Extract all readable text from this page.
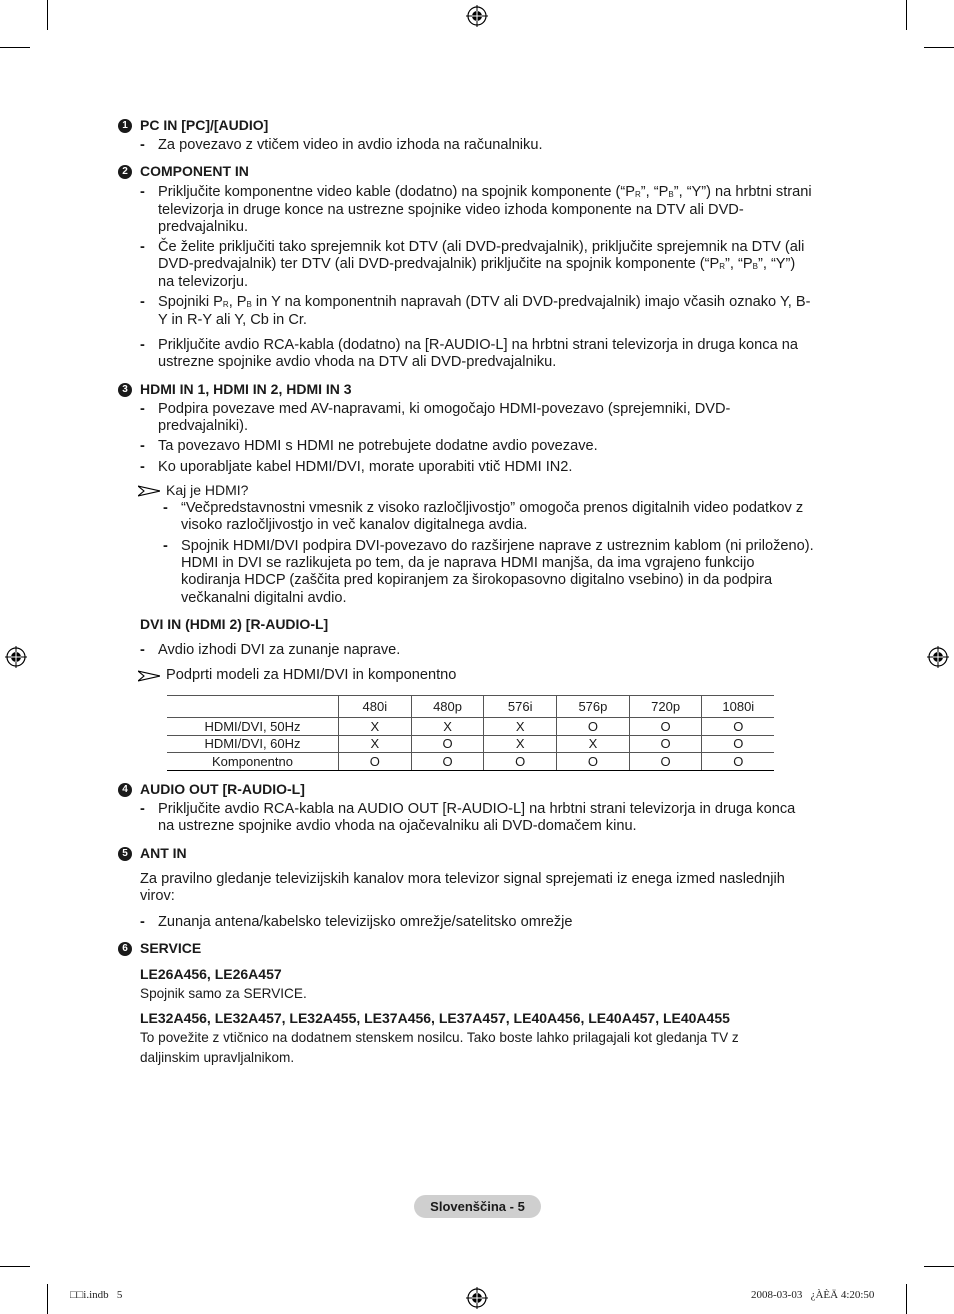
1 PC IN [PC]/[AUDIO]
- Za povezavo z vtičem video in avdio izhoda na računalniku.
2 COMPONENT IN
- Priključite komponentne video kable (dodatno) na spojnik komponente (“$P_R$”, “$P_B$”, “Y”) na hrbtni strani televizorja in druge konce na ustrezne spojnike video izhoda komponente na DTV ali DVD-predvajalniku.
- Če želite priključiti tako sprejemnik kot DTV (ali DVD-predvajalnik), priključite sprejemnik na DTV (ali DVD-predvajalnik) ter DTV (ali DVD-predvajalnik) priključite na spojnik komponente (“$P_R$”, “$P_B$”, “Y”) na televizorju.
- Spojniki $P_R$, $P_B$ in Y na komponentnih napravah (DTV ali DVD-predvajalnik) imajo včasih oznako Y, B-Y in R-Y ali Y, Cb in Cr.
- Priključite avdio RCA-kabla (dodatno) na [R-AUDIO-L] na hrbtni strani televizorja in druga konca na ustrezne spojnike avdio vhoda na DTV ali DVD-predvajalniku.
3 HDMI IN 1, HDMI IN 2, HDMI IN 3
- Podpira povezave med AV-napravami, ki omogočajo HDMI-povezavo (sprejemniki, DVD-predvajalniki).
- Ta povezavo HDMI s HDMI ne potrebujete dodatne avdio povezave.
- Ko uporabljate kabel HDMI/DVI, morate uporabiti vtič HDMI IN2.
Kaj je HDMI?
- “Večpredstavnostni vmesnik z visoko razločljivostjo” omogoča prenos digitalnih video podatkov z visoko razločljivostjo in več kanalov digitalnega avdia.
- Spojnik HDMI/DVI podpira DVI-povezavo do razširjene naprave z ustreznim kablom (ni priloženo). HDMI in DVI se razlikujeta po tem, da je naprava HDMI manjša, da ima vgrajeno funkcijo kodiranja HDCP (zaščita pred kopiranjem za širokopasovno digitalno vsebino) in da podpira večkanalni digitalni avdio.
DVI IN (HDMI 2) [R-AUDIO-L]
- Avdio izhodi DVI za zunanje naprave.
Podprti modeli za HDMI/DVI in komponentno
	480i	480p	576i	576p	720p	1080i
HDMI/DVI, 50Hz	X	X	X	O	O	O
HDMI/DVI, 60Hz	X	O	X	X	O	O
Komponentno	O	O	O	O	O	O
4 AUDIO OUT [R-AUDIO-L]
- Priključite avdio RCA-kabla na AUDIO OUT [R-AUDIO-L] na hrbtni strani televizorja in druga konca na ustrezne spojnike avdio vhoda na ojačevalniku ali DVD-domačem kinu.
5 ANT IN
Za pravilno gledanje televizijskih kanalov mora televizor signal sprejemati iz enega izmed naslednjih virov:
- Zunanja antena/kabelsko televizijsko omrežje/satelitsko omrežje
6 SERVICE
LE26A456, LE26A457
Spojnik samo za SERVICE.
LE32A456, LE32A457, LE32A455, LE37A456, LE37A457, LE40A456, LE40A457, LE40A455
To povežite z vtičnico na dodatnem stenskem nosilcu. Tako boste lahko prilagajali kot gledanja TV z daljinskim upravljalnikom.
Slovenščina - 5
□□i.indb   5	2008-03-03   ¿ÀÈÄ 4:20:50
